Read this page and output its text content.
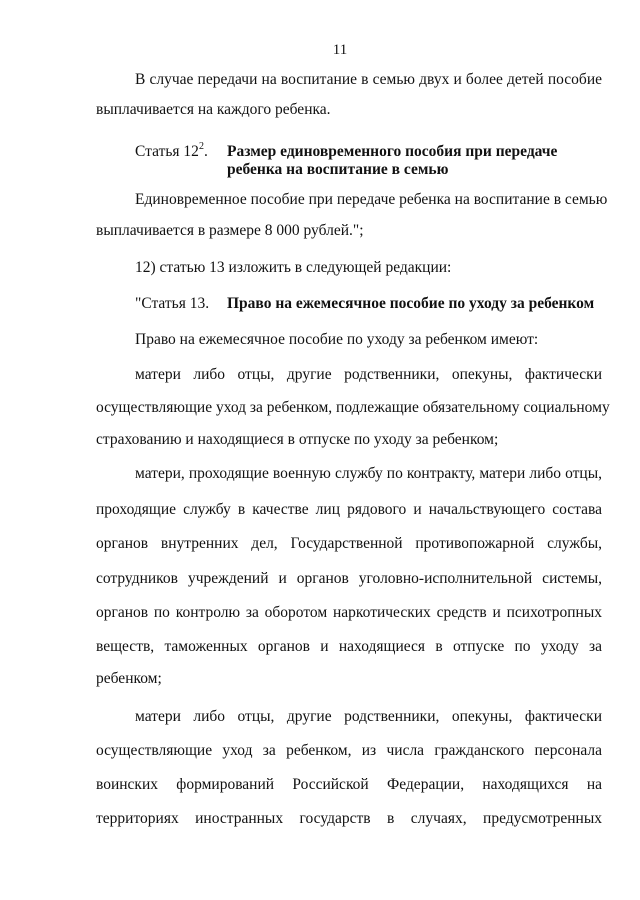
11
В случае передачи на воспитание в семью двух и более детей пособие
выплачивается на каждого ребенка.
Статья $12^2$. Размер единовременного пособия при передаче
ребенка на воспитание в семью
Единовременное пособие при передаче ребенка на воспитание в семью
выплачивается в размере 8 000 рублей.";
12) статью 13 изложить в следующей редакции:
"Статья 13. Право на ежемесячное пособие по уходу за ребенком
Право на ежемесячное пособие по уходу за ребенком имеют:
матери либо отцы, другие родственники, опекуны, фактически
осуществляющие уход за ребенком, подлежащие обязательному социальному
страхованию и находящиеся в отпуске по уходу за ребенком;
матери, проходящие военную службу по контракту, матери либо отцы,
проходящие службу в качестве лиц рядового и начальствующего состава
органов внутренних дел, Государственной противопожарной службы,
сотрудников учреждений и органов уголовно-исполнительной системы,
органов по контролю за оборотом наркотических средств и психотропных
веществ, таможенных органов и находящиеся в отпуске по уходу за
ребенком;
матери либо отцы, другие родственники, опекуны, фактически
осуществляющие уход за ребенком, из числа гражданского персонала
воинских формирований Российской Федерации, находящихся на
территориях иностранных государств в случаях, предусмотренных
